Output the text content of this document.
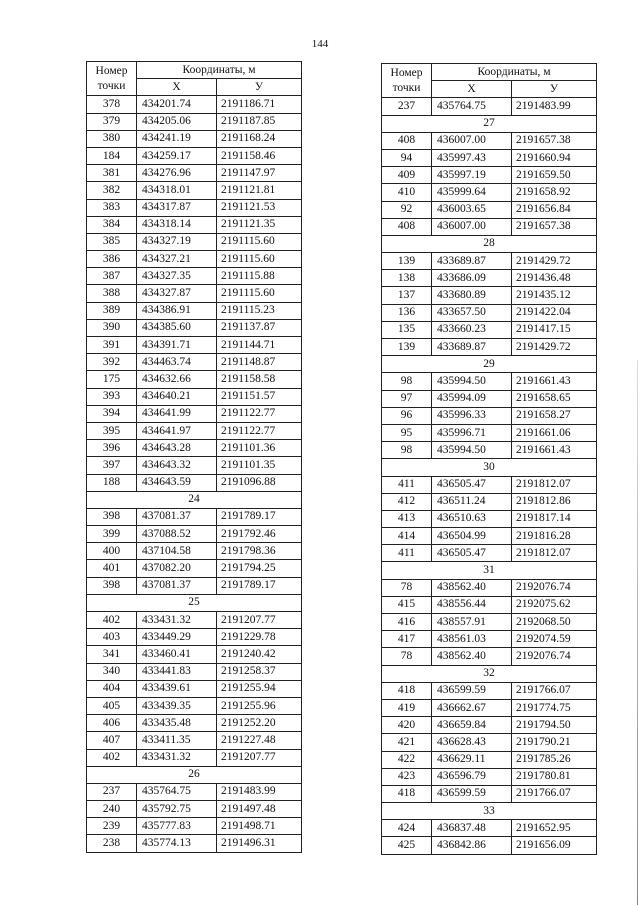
144
Номер
точки	Координаты, м	
	X	У
378	434201.74	2191186.71
379	434205.06	2191187.85
380	434241.19	2191168.24
184	434259.17	2191158.46
381	434276.96	2191147.97
382	434318.01	2191121.81
383	434317.87	2191121.53
384	434318.14	2191121.35
385	434327.19	2191115.60
386	434327.21	2191115.60
387	434327.35	2191115.88
388	434327.87	2191115.60
389	434386.91	2191115.23
390	434385.60	2191137.87
391	434391.71	2191144.71
392	434463.74	2191148.87
175	434632.66	2191158.58
393	434640.21	2191151.57
394	434641.99	2191122.77
395	434641.97	2191122.77
396	434643.28	2191101.36
397	434643.32	2191101.35
188	434643.59	2191096.88
24		
398	437081.37	2191789.17
399	437088.52	2191792.46
400	437104.58	2191798.36
401	437082.20	2191794.25
398	437081.37	2191789.17
25		
402	433431.32	2191207.77
403	433449.29	2191229.78
341	433460.41	2191240.42
340	433441.83	2191258.37
404	433439.61	2191255.94
405	433439.35	2191255.96
406	433435.48	2191252.20
407	433411.35	2191227.48
402	433431.32	2191207.77
26		
237	435764.75	2191483.99
240	435792.75	2191497.48
239	435777.83	2191498.71
238	435774.13	2191496.31
Номер
точки	Координаты, м	
	X	У
237	435764.75	2191483.99
27		
408	436007.00	2191657.38
94	435997.43	2191660.94
409	435997.19	2191659.50
410	435999.64	2191658.92
92	436003.65	2191656.84
408	436007.00	2191657.38
28		
139	433689.87	2191429.72
138	433686.09	2191436.48
137	433680.89	2191435.12
136	433657.50	2191422.04
135	433660.23	2191417.15
139	433689.87	2191429.72
29		
98	435994.50	2191661.43
97	435994.09	2191658.65
96	435996.33	2191658.27
95	435996.71	2191661.06
98	435994.50	2191661.43
30		
411	436505.47	2191812.07
412	436511.24	2191812.86
413	436510.63	2191817.14
414	436504.99	2191816.28
411	436505.47	2191812.07
31		
78	438562.40	2192076.74
415	438556.44	2192075.62
416	438557.91	2192068.50
417	438561.03	2192074.59
78	438562.40	2192076.74
32		
418	436599.59	2191766.07
419	436662.67	2191774.75
420	436659.84	2191794.50
421	436628.43	2191790.21
422	436629.11	2191785.26
423	436596.79	2191780.81
418	436599.59	2191766.07
33		
424	436837.48	2191652.95
425	436842.86	2191656.09
